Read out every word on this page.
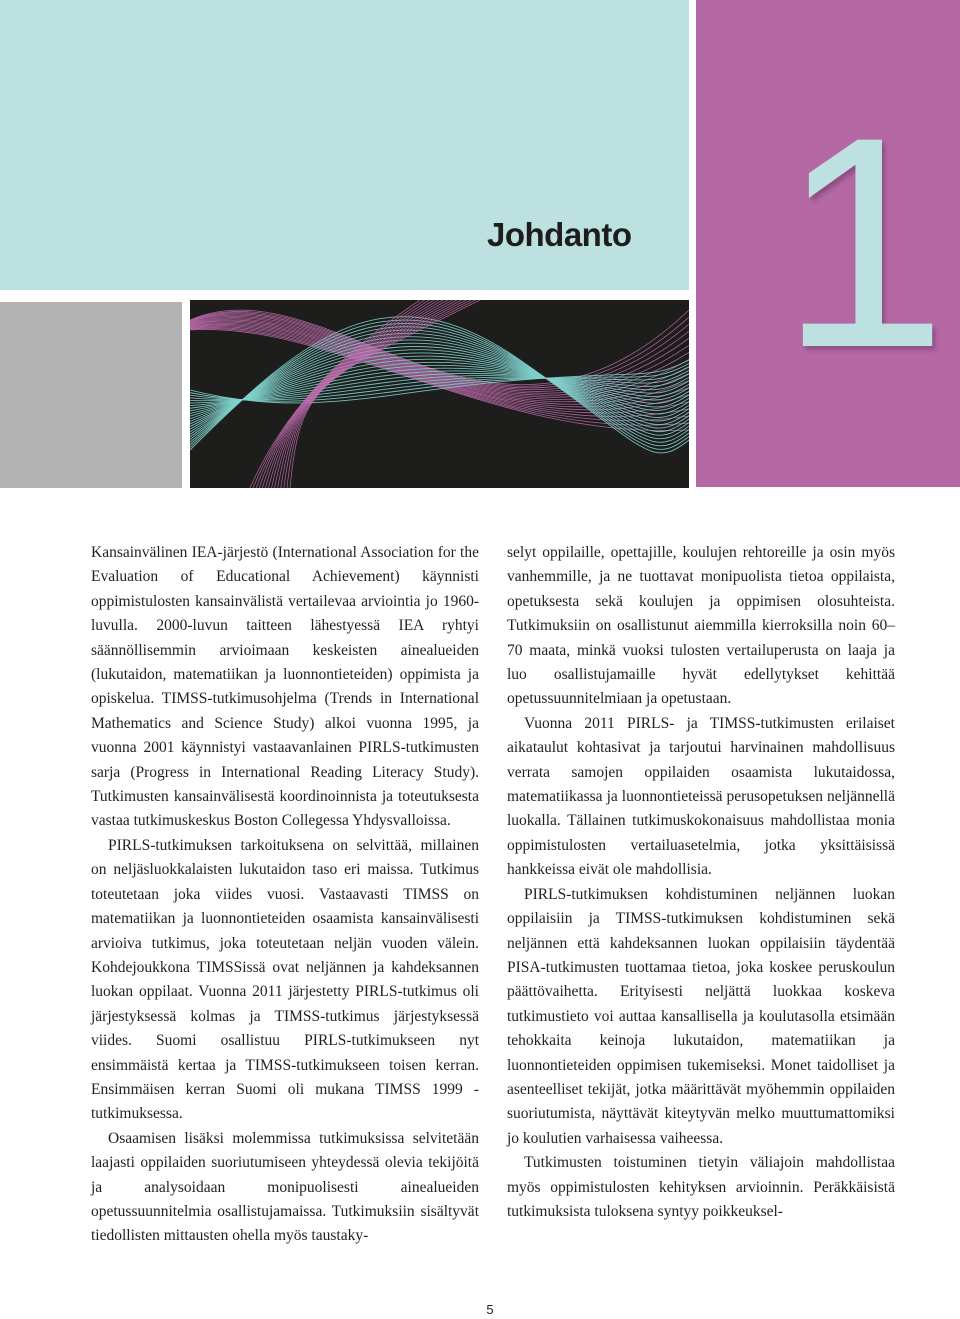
Johdanto 1

Kansainvälinen IEA-järjestö (International Association for the Evaluation of Educational Achievement) käynnisti oppimistulosten kansainvälistä vertailevaa arviointia jo 1960-luvulla. 2000-luvun taitteen lähestyessä IEA ryhtyi säännöllisemmin arvioimaan keskeisten ainealueiden (lukutaidon, matematiikan ja luonnontieteiden) oppimista ja opiskelua. TIMSS-tutkimusohjelma (Trends in International Mathematics and Science Study) alkoi vuonna 1995, ja vuonna 2001 käynnistyi vastaavanlainen PIRLS-tutkimusten sarja (Progress in International Reading Literacy Study). Tutkimusten kansainvälisestä koordinoinnista ja toteutuksesta vastaa tutkimuskeskus Boston Collegessa Yhdysvalloissa.

PIRLS-tutkimuksen tarkoituksena on selvittää, millainen on neljäsluokkalaisten lukutaidon taso eri maissa. Tutkimus toteutetaan joka viides vuosi. Vastaavasti TIMSS on matematiikan ja luonnontieteiden osaamista kansainvälisesti arvioiva tutkimus, joka toteutetaan neljän vuoden välein. Kohdejoukkona TIMSSissä ovat neljännen ja kahdeksannen luokan oppilaat. Vuonna 2011 järjestetty PIRLS-tutkimus oli järjestyksessä kolmas ja TIMSS-tutkimus järjestyksessä viides. Suomi osallistuu PIRLS-tutkimukseen nyt ensimmäistä kertaa ja TIMSS-tutkimukseen toisen kerran. Ensimmäisen kerran Suomi oli mukana TIMSS 1999 -tutkimuksessa.

Osaamisen lisäksi molemmissa tutkimuksissa selvitetään laajasti oppilaiden suoriutumiseen yhteydessä olevia tekijöitä ja analysoidaan monipuolisesti ainealueiden opetussuunnitelmia osallistujamaissa. Tutkimuksiin sisältyvät tiedollisten mittausten ohella myös taustaky-

selyt oppilaille, opettajille, koulujen rehtoreille ja osin myös vanhemmille, ja ne tuottavat monipuolista tietoa oppilaista, opetuksesta sekä koulujen ja oppimisen olosuhteista. Tutkimuksiin on osallistunut aiemmilla kierroksilla noin 60–70 maata, minkä vuoksi tulosten vertailuperusta on laaja ja luo osallistujamaille hyvät edellytykset kehittää opetussuunnitelmiaan ja opetustaan.

Vuonna 2011 PIRLS- ja TIMSS-tutkimusten erilaiset aikataulut kohtasivat ja tarjoutui harvinainen mahdollisuus verrata samojen oppilaiden osaamista lukutaidossa, matematiikassa ja luonnontieteissä perusopetuksen neljännellä luokalla. Tällainen tutkimuskokonaisuus mahdollistaa monia oppimistulosten vertailuasetelmia, jotka yksittäisissä hankkeissa eivät ole mahdollisia.

PIRLS-tutkimuksen kohdistuminen neljännen luokan oppilaisiin ja TIMSS-tutkimuksen kohdistuminen sekä neljännen että kahdeksannen luokan oppilaisiin täydentää PISA-tutkimusten tuottamaa tietoa, joka koskee peruskoulun päättövaihetta. Erityisesti neljättä luokkaa koskeva tutkimustieto voi auttaa kansallisella ja koulutasolla etsimään tehokkaita keinoja lukutaidon, matematiikan ja luonnontieteiden oppimisen tukemiseksi. Monet taidolliset ja asenteelliset tekijät, jotka määrittävät myöhemmin oppilaiden suoriutumista, näyttävät kiteytyvän melko muuttumattomiksi jo koulutien varhaisessa vaiheessa.

Tutkimusten toistuminen tietyin väliajoin mahdollistaa myös oppimistulosten kehityksen arvioinnin. Peräkkäisistä tutkimuksista tuloksena syntyy poikkeuksel-

5
